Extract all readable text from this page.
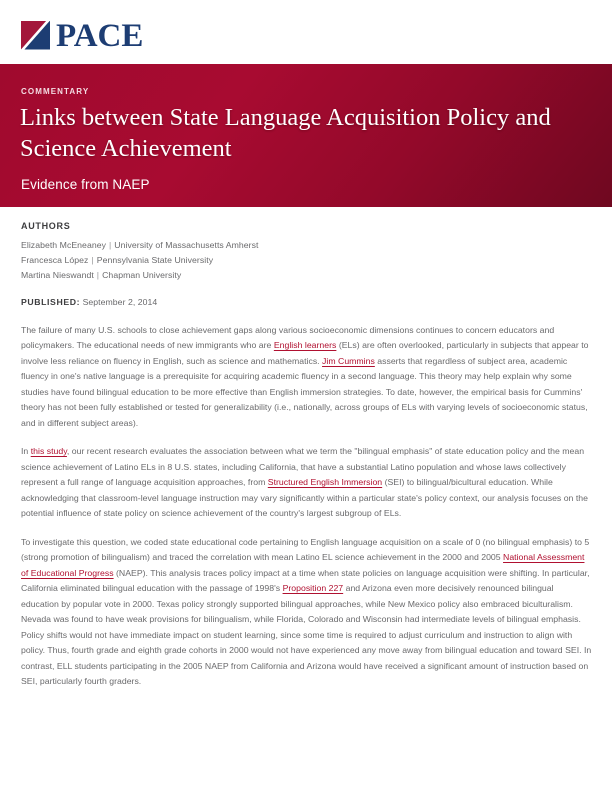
PACE
COMMENTARY
Links between State Language Acquisition Policy and Science Achievement
Evidence from NAEP
AUTHORS
Elizabeth McEneaney | University of Massachusetts Amherst
Francesca López | Pennsylvania State University
Martina Nieswandt | Chapman University
PUBLISHED: September 2, 2014

The failure of many U.S. schools to close achievement gaps along various socioeconomic dimensions continues to concern educators and policymakers. The educational needs of new immigrants who are English learners (ELs) are often overlooked, particularly in subjects that appear to involve less reliance on fluency in English, such as science and mathematics. Jim Cummins asserts that regardless of subject area, academic fluency in one's native language is a prerequisite for acquiring academic fluency in a second language. This theory may help explain why some studies have found bilingual education to be more effective than English immersion strategies. To date, however, the empirical basis for Cummins' theory has not been fully established or tested for generalizability (i.e., nationally, across groups of ELs with varying levels of socioeconomic status, and in different subject areas).

In this study, our recent research evaluates the association between what we term the "bilingual emphasis" of state education policy and the mean science achievement of Latino ELs in 8 U.S. states, including California, that have a substantial Latino population and whose laws collectively represent a full range of language acquisition approaches, from Structured English Immersion (SEI) to bilingual/bicultural education. While acknowledging that classroom-level language instruction may vary significantly within a particular state's policy context, our analysis focuses on the potential influence of state policy on science achievement of the country's largest subgroup of ELs.

To investigate this question, we coded state educational code pertaining to English language acquisition on a scale of 0 (no bilingual emphasis) to 5 (strong promotion of bilingualism) and traced the correlation with mean Latino EL science achievement in the 2000 and 2005 National Assessment of Educational Progress (NAEP). This analysis traces policy impact at a time when state policies on language acquisition were shifting. In particular, California eliminated bilingual education with the passage of 1998's Proposition 227 and Arizona even more decisively renounced bilingual education by popular vote in 2000. Texas policy strongly supported bilingual approaches, while New Mexico policy also embraced biculturalism. Nevada was found to have weak provisions for bilingualism, while Florida, Colorado and Wisconsin had intermediate levels of bilingual emphasis. Policy shifts would not have immediate impact on student learning, since some time is required to adjust curriculum and instruction to align with policy. Thus, fourth grade and eighth grade cohorts in 2000 would not have experienced any move away from bilingual education and toward SEI. In contrast, ELL students participating in the 2005 NAEP from California and Arizona would have received a significant amount of instruction based on SEI, particularly fourth graders.
